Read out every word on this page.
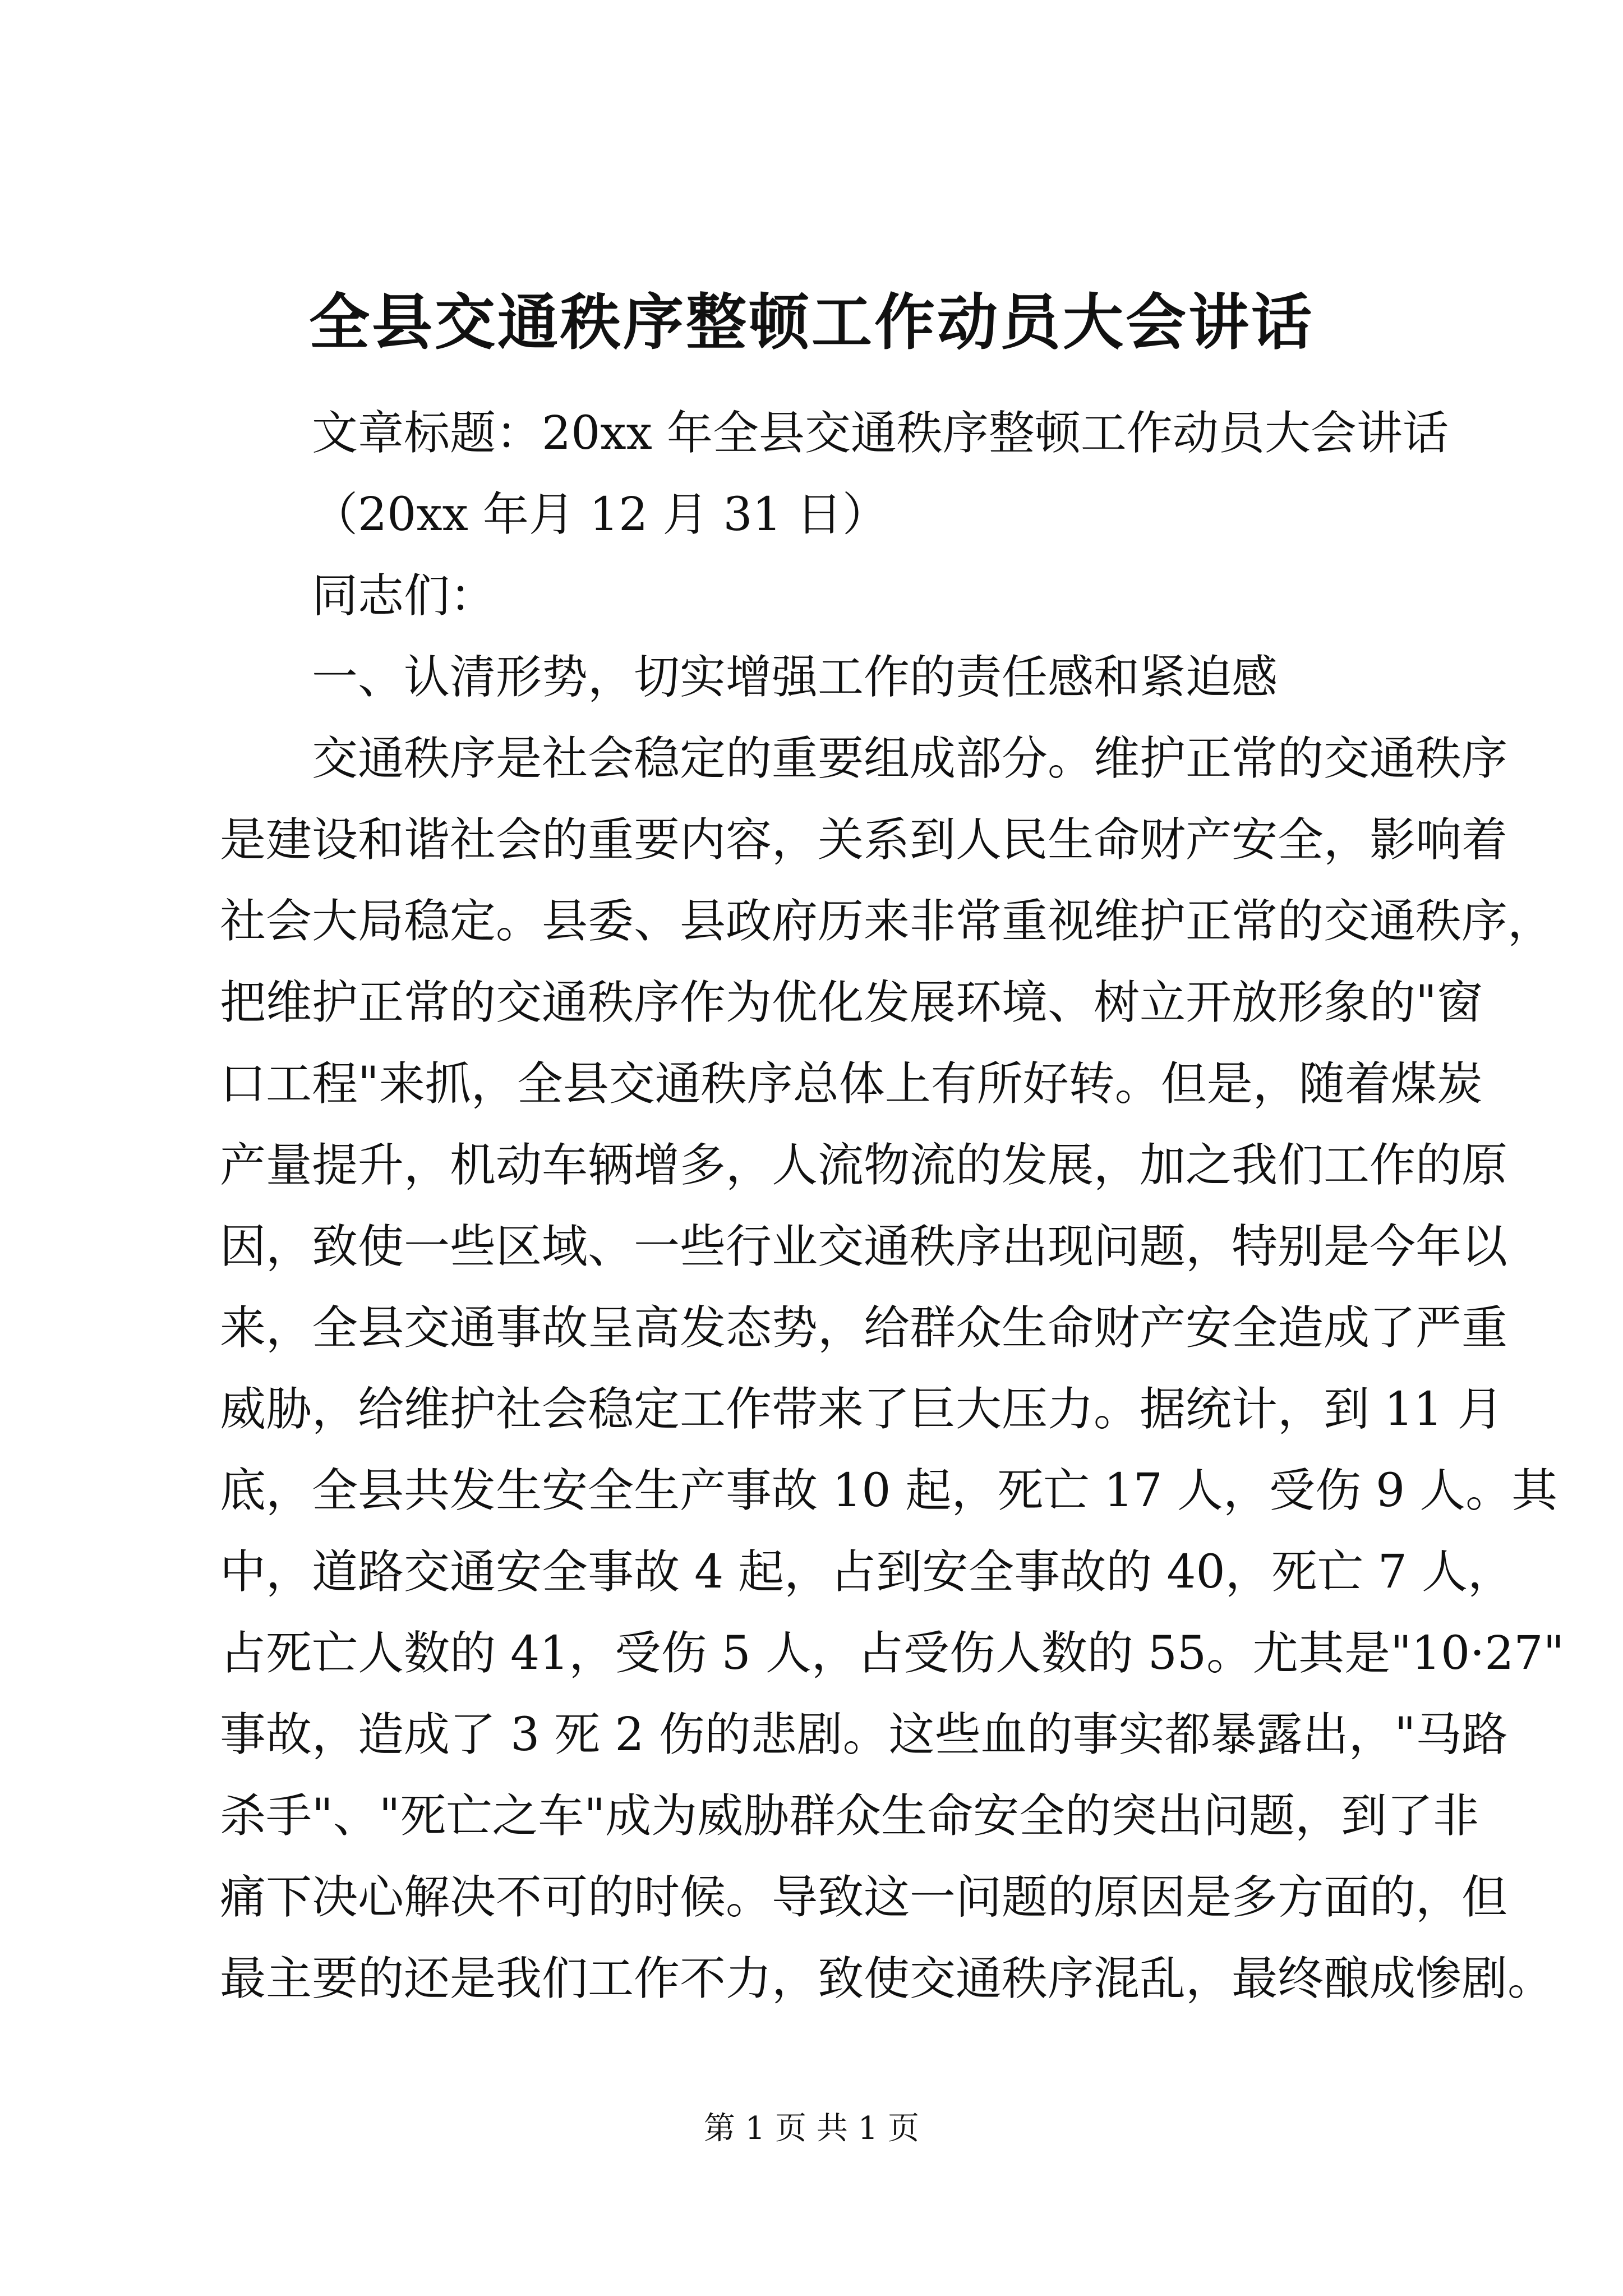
全县交通秩序整顿工作动员大会讲话
文章标题：20xx 年全县交通秩序整顿工作动员大会讲话
（20xx 年月 12 月 31 日）
同志们：
一、认清形势，切实增强工作的责任感和紧迫感
交通秩序是社会稳定的重要组成部分。维护正常的交通秩序
是建设和谐社会的重要内容，关系到人民生命财产安全，影响着
社会大局稳定。县委、县政府历来非常重视维护正常的交通秩序，
把维护正常的交通秩序作为优化发展环境、树立开放形象的"窗
口工程"来抓，全县交通秩序总体上有所好转。但是，随着煤炭
产量提升，机动车辆增多，人流物流的发展，加之我们工作的原
因，致使一些区域、一些行业交通秩序出现问题，特别是今年以
来，全县交通事故呈高发态势，给群众生命财产安全造成了严重
威胁，给维护社会稳定工作带来了巨大压力。据统计，到 11 月
底，全县共发生安全生产事故 10 起，死亡 17 人，受伤 9 人。其
中，道路交通安全事故 4 起，占到安全事故的 40，死亡 7 人，
占死亡人数的 41，受伤 5 人，占受伤人数的 55。尤其是"10·27"
事故，造成了 3 死 2 伤的悲剧。这些血的事实都暴露出，"马路
杀手"、"死亡之车"成为威胁群众生命安全的突出问题，到了非
痛下决心解决不可的时候。导致这一问题的原因是多方面的，但
最主要的还是我们工作不力，致使交通秩序混乱，最终酿成惨剧。
第 1 页 共 1 页
